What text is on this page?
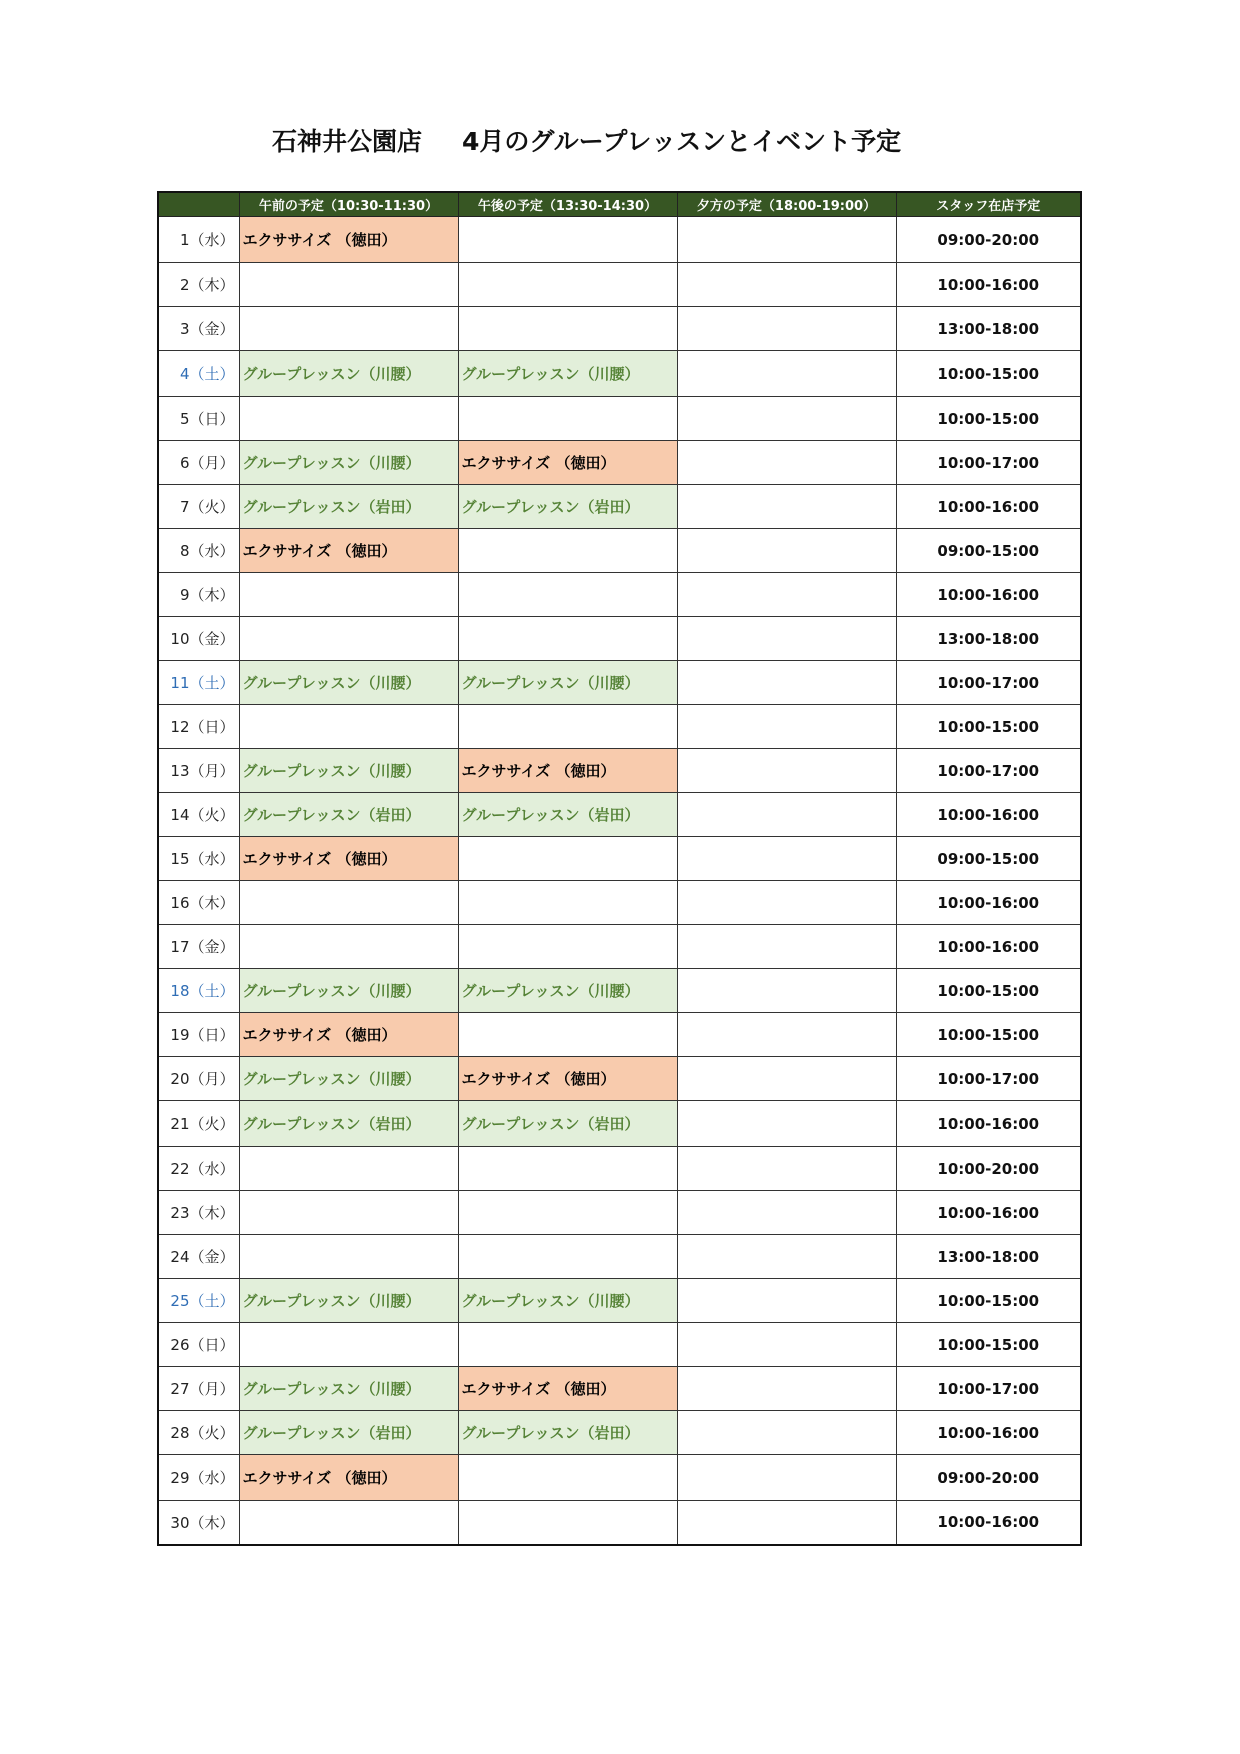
石神井公園店 4月のグループレッスンとイベント予定
	午前の予定（10:30-11:30）	午後の予定（13:30-14:30）	夕方の予定（18:00-19:00）	スタッフ在店予定
1（水）	エクササイズ （徳田）			09:00-20:00
2（木）				10:00-16:00
3（金）				13:00-18:00
4（土）	グループレッスン（川腰）	グループレッスン（川腰）		10:00-15:00
5（日）				10:00-15:00
6（月）	グループレッスン（川腰）	エクササイズ （徳田）		10:00-17:00
7（火）	グループレッスン（岩田）	グループレッスン（岩田）		10:00-16:00
8（水）	エクササイズ （徳田）			09:00-15:00
9（木）				10:00-16:00
10（金）				13:00-18:00
11（土）	グループレッスン（川腰）	グループレッスン（川腰）		10:00-17:00
12（日）				10:00-15:00
13（月）	グループレッスン（川腰）	エクササイズ （徳田）		10:00-17:00
14（火）	グループレッスン（岩田）	グループレッスン（岩田）		10:00-16:00
15（水）	エクササイズ （徳田）			09:00-15:00
16（木）				10:00-16:00
17（金）				10:00-16:00
18（土）	グループレッスン（川腰）	グループレッスン（川腰）		10:00-15:00
19（日）	エクササイズ （徳田）			10:00-15:00
20（月）	グループレッスン（川腰）	エクササイズ （徳田）		10:00-17:00
21（火）	グループレッスン（岩田）	グループレッスン（岩田）		10:00-16:00
22（水）				10:00-20:00
23（木）				10:00-16:00
24（金）				13:00-18:00
25（土）	グループレッスン（川腰）	グループレッスン（川腰）		10:00-15:00
26（日）				10:00-15:00
27（月）	グループレッスン（川腰）	エクササイズ （徳田）		10:00-17:00
28（火）	グループレッスン（岩田）	グループレッスン（岩田）		10:00-16:00
29（水）	エクササイズ （徳田）			09:00-20:00
30（木）				10:00-16:00
